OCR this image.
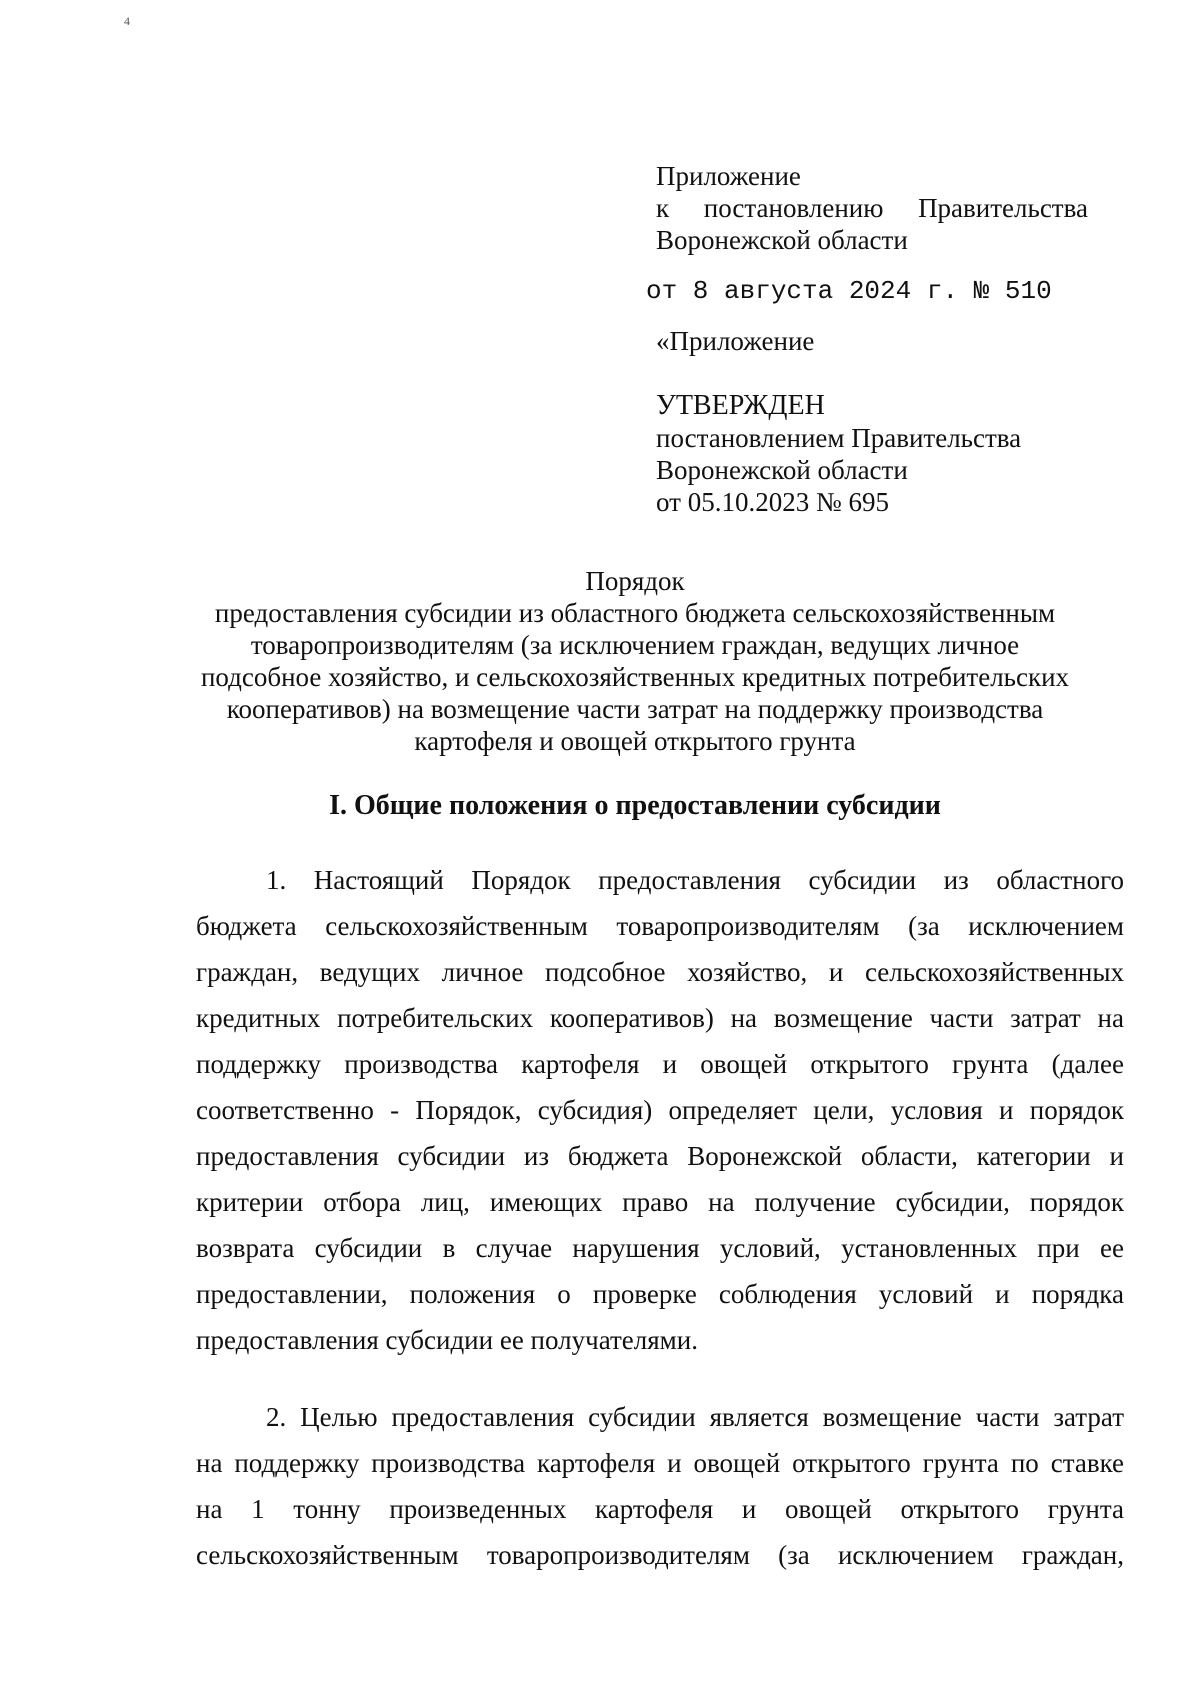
4
Приложение
к постановлению Правительства
Воронежской области
от 8 августа 2024 г. № 510
«Приложение
УТВЕРЖДЕН
постановлением Правительства
Воронежской области
от 05.10.2023 № 695
Порядок
предоставления субсидии из областного бюджета сельскохозяйственным
товаропроизводителям (за исключением граждан, ведущих личное
подсобное хозяйство, и сельскохозяйственных кредитных потребительских
кооперативов) на возмещение части затрат на поддержку производства
картофеля и овощей открытого грунта
I. Общие положения о предоставлении субсидии
1. Настоящий Порядок предоставления субсидии из областного
бюджета сельскохозяйственным товаропроизводителям (за исключением
граждан, ведущих личное подсобное хозяйство, и сельскохозяйственных
кредитных потребительских кооперативов) на возмещение части затрат на
поддержку производства картофеля и овощей открытого грунта (далее
соответственно - Порядок, субсидия) определяет цели, условия и порядок
предоставления субсидии из бюджета Воронежской области, категории и
критерии отбора лиц, имеющих право на получение субсидии, порядок
возврата субсидии в случае нарушения условий, установленных при ее
предоставлении, положения о проверке соблюдения условий и порядка
предоставления субсидии ее получателями.
2. Целью предоставления субсидии является возмещение части затрат
на поддержку производства картофеля и овощей открытого грунта по ставке
на 1 тонну произведенных картофеля и овощей открытого грунта
сельскохозяйственным товаропроизводителям (за исключением граждан,
